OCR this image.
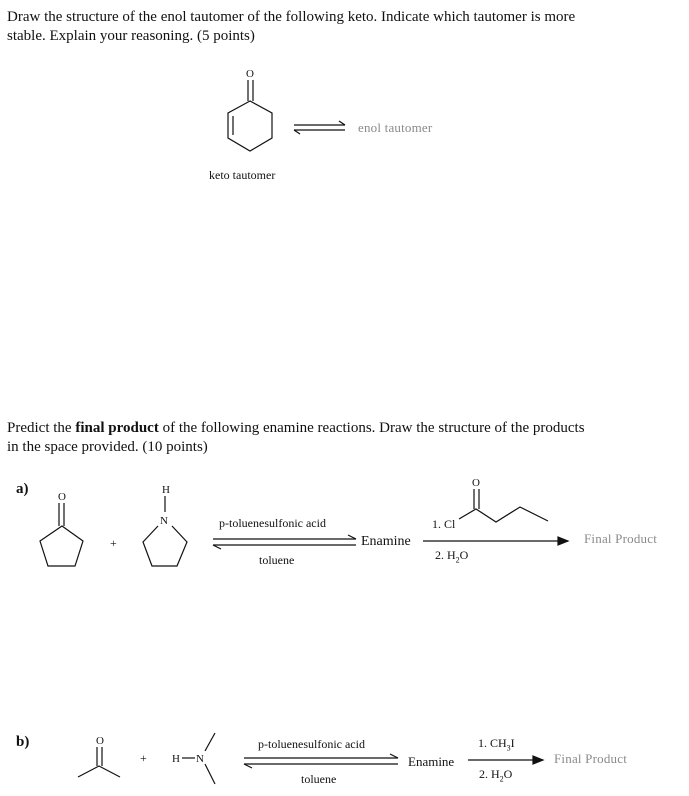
Draw the structure of the enol tautomer of the following keto. Indicate which tautomer is more
stable. Explain your reasoning. (5 points)
O
O
H
N
O
O
H N
enol tautomer
keto tautomer
Predict the final product of the following enamine reactions. Draw the structure of the products
in the space provided. (10 points)
a)
+
p-toluenesulfonic acid
toluene
Enamine
1. Cl
2. $H_2O$
Final Product
b)
+
p-toluenesulfonic acid
toluene
Enamine
1. $CH_3I$
2. $H_2O$
Final Product
